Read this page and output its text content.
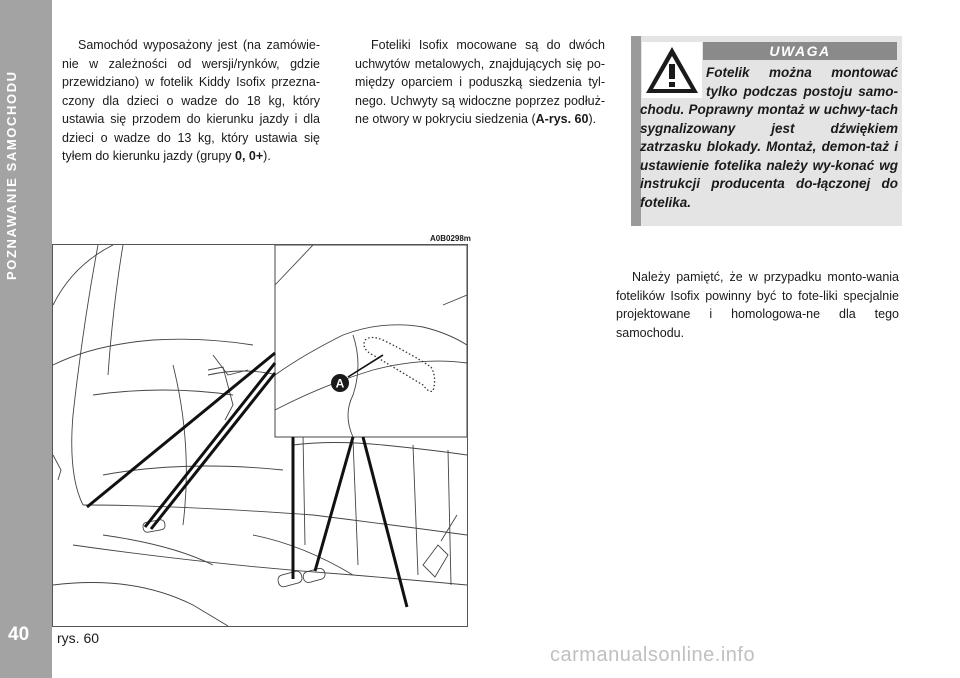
POZNAWANIE SAMOCHODU
40

Samochód wyposażony jest (na zamówie-nie w zależności od wersji/rynków, gdzie przewidziano) w fotelik Kiddy Isofix przezna-czony dla dzieci o wadze do 18 kg, który ustawia się przodem do kierunku jazdy i dla dzieci o wadze do 13 kg, który ustawia się tyłem do kierunku jazdy (grupy 0, 0+).

Foteliki Isofix mocowane są do dwóch uchwytów metalowych, znajdujących się po-między oparciem i poduszką siedzenia tyl-nego. Uchwyty są widoczne poprzez podłuż-ne otwory w pokryciu siedzenia (A-rys. 60).

UWAGA
Fotelik można montować tylko podczas postoju samo-chodu. Poprawny montaż w uchwy-tach sygnalizowany jest dźwiękiem zatrzasku blokady. Montaż, demon-taż i ustawienie fotelika należy wy-konać wg instrukcji producenta do-łączonej do fotelika.

Należy pamiętć, że w przypadku monto-wania fotelików Isofix powinny być to fote-liki specjalnie projektowane i homologowa-ne dla tego samochodu.

A0B0298m
A
rys. 60
carmanualsonline.info
